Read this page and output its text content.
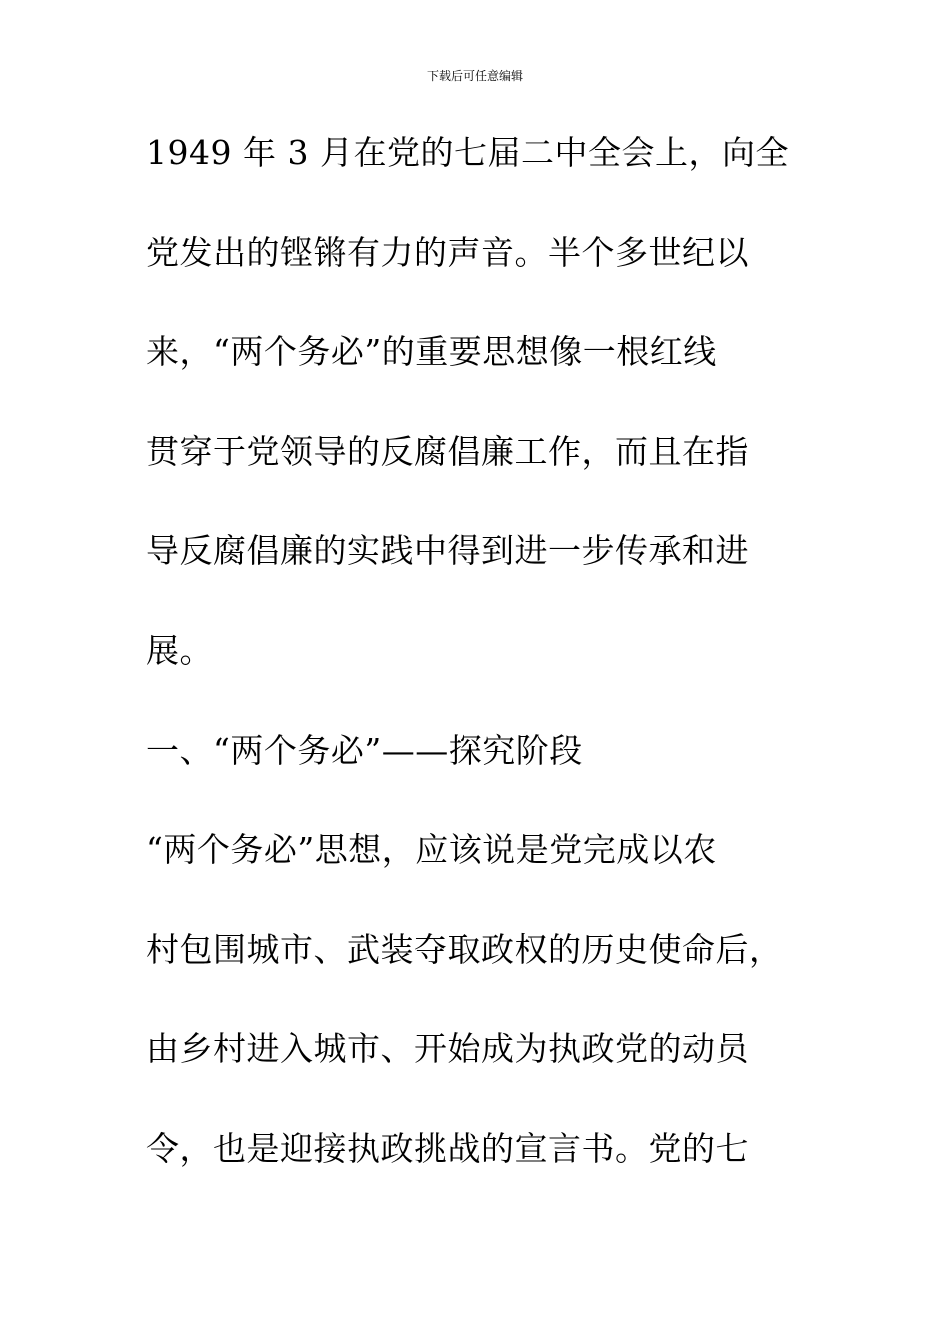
下载后可任意编辑
1949 年 3 月在党的七届二中全会上，向全
党发出的铿锵有力的声音。半个多世纪以
来，“两个务必”的重要思想像一根红线
贯穿于党领导的反腐倡廉工作，而且在指
导反腐倡廉的实践中得到进一步传承和进
展。
一、“两个务必”——探究阶段
“两个务必”思想，应该说是党完成以农
村包围城市、武装夺取政权的历史使命后，
由乡村进入城市、开始成为执政党的动员
令，也是迎接执政挑战的宣言书。党的七
